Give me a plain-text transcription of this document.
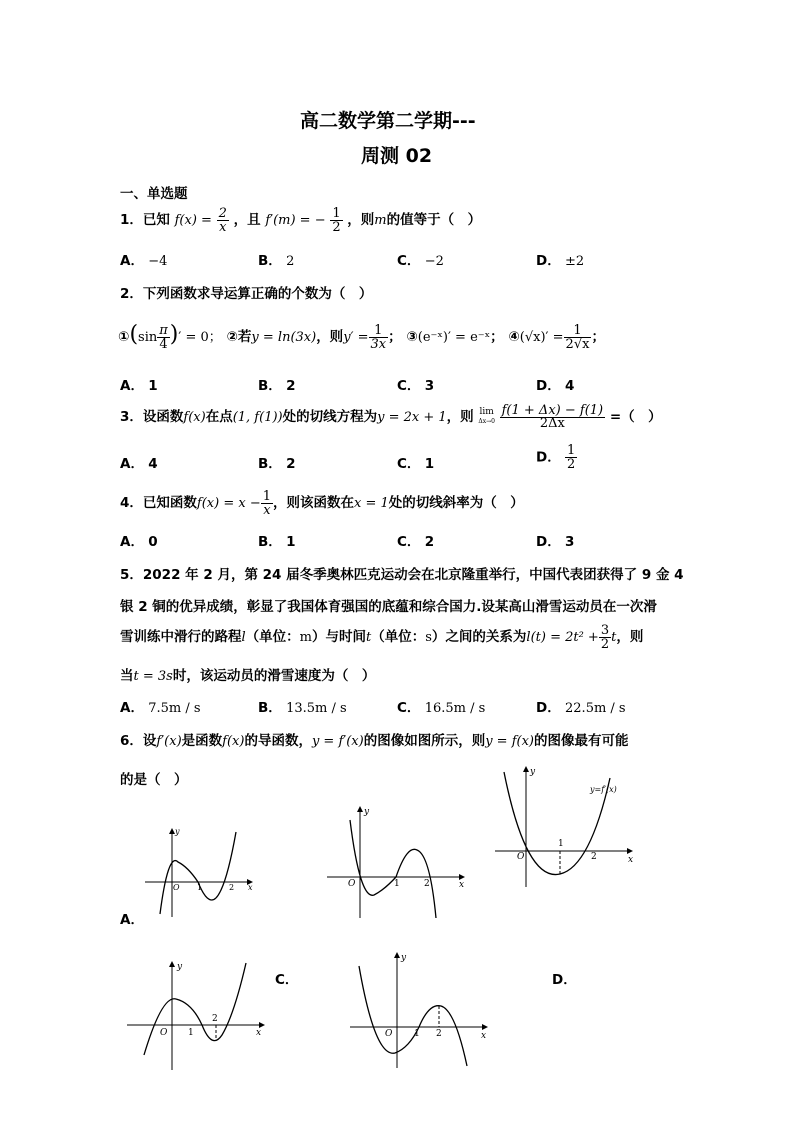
高二数学第二学期---
周测 02
一、单选题
1．已知 $f(x) = \frac{2}{x}$ ，且 f′(m) = − $\frac{1}{2}$ ，则m的值等于（　）
A． −4	B． 2	C． −2	D． ±2
2．下列函数求导运算正确的个数为（　）
①(sin $\frac{\pi}{4}$ )′ = 0； ②若y = ln(3x)，则$y' = \frac{1}{3x}$ ； ③(e⁻ˣ)′ = e⁻ˣ； ④(√x)′ = $\frac{1}{2√x}$ ；
A． 1	B． 2	C． 3	D． 4
3．设函数f(x)在点(1, f(1))处的切线方程为y = 2x + 1，则 lim
Δx→0
$\frac{f(1 + \Delta x) - f(1)}{2\Delta x}$ =（　）
A． 4	B． 2	C． 1	D． $\frac{1}{2}$
4．已知函数$f(x) = x - \frac{1}{x}$ ，则该函数在x = 1处的切线斜率为（　）
A． 0	B． 1	C． 2	D． 3
5．2022 年 2 月，第 24 届冬季奥林匹克运动会在北京隆重举行，中国代表团获得了 9 金 4
银 2 铜的优异成绩，彰显了我国体育强国的底蕴和综合国力.设某高山滑雪运动员在一次滑
雪训练中滑行的路程l（单位：m）与时间t（单位：s）之间的关系为$l(t) = 2t^2 + \frac{3}{2}$ t，则
当t = 3s时，该运动员的滑雪速度为（　）
A． 7.5m / s	B． 13.5m / s	C． 16.5m / s	D． 22.5m / s
6．设f′(x)是函数f(x)的导函数，y = f′(x)的图像如图所示，则y = f(x)的图像最有可能
的是（　）	y
x
O
1
2
y=f′(x)
y
x
O 1	2
A．
y
x
O	1	2
y
x
O 1
2
C．
y
x
O 1 2
D．
